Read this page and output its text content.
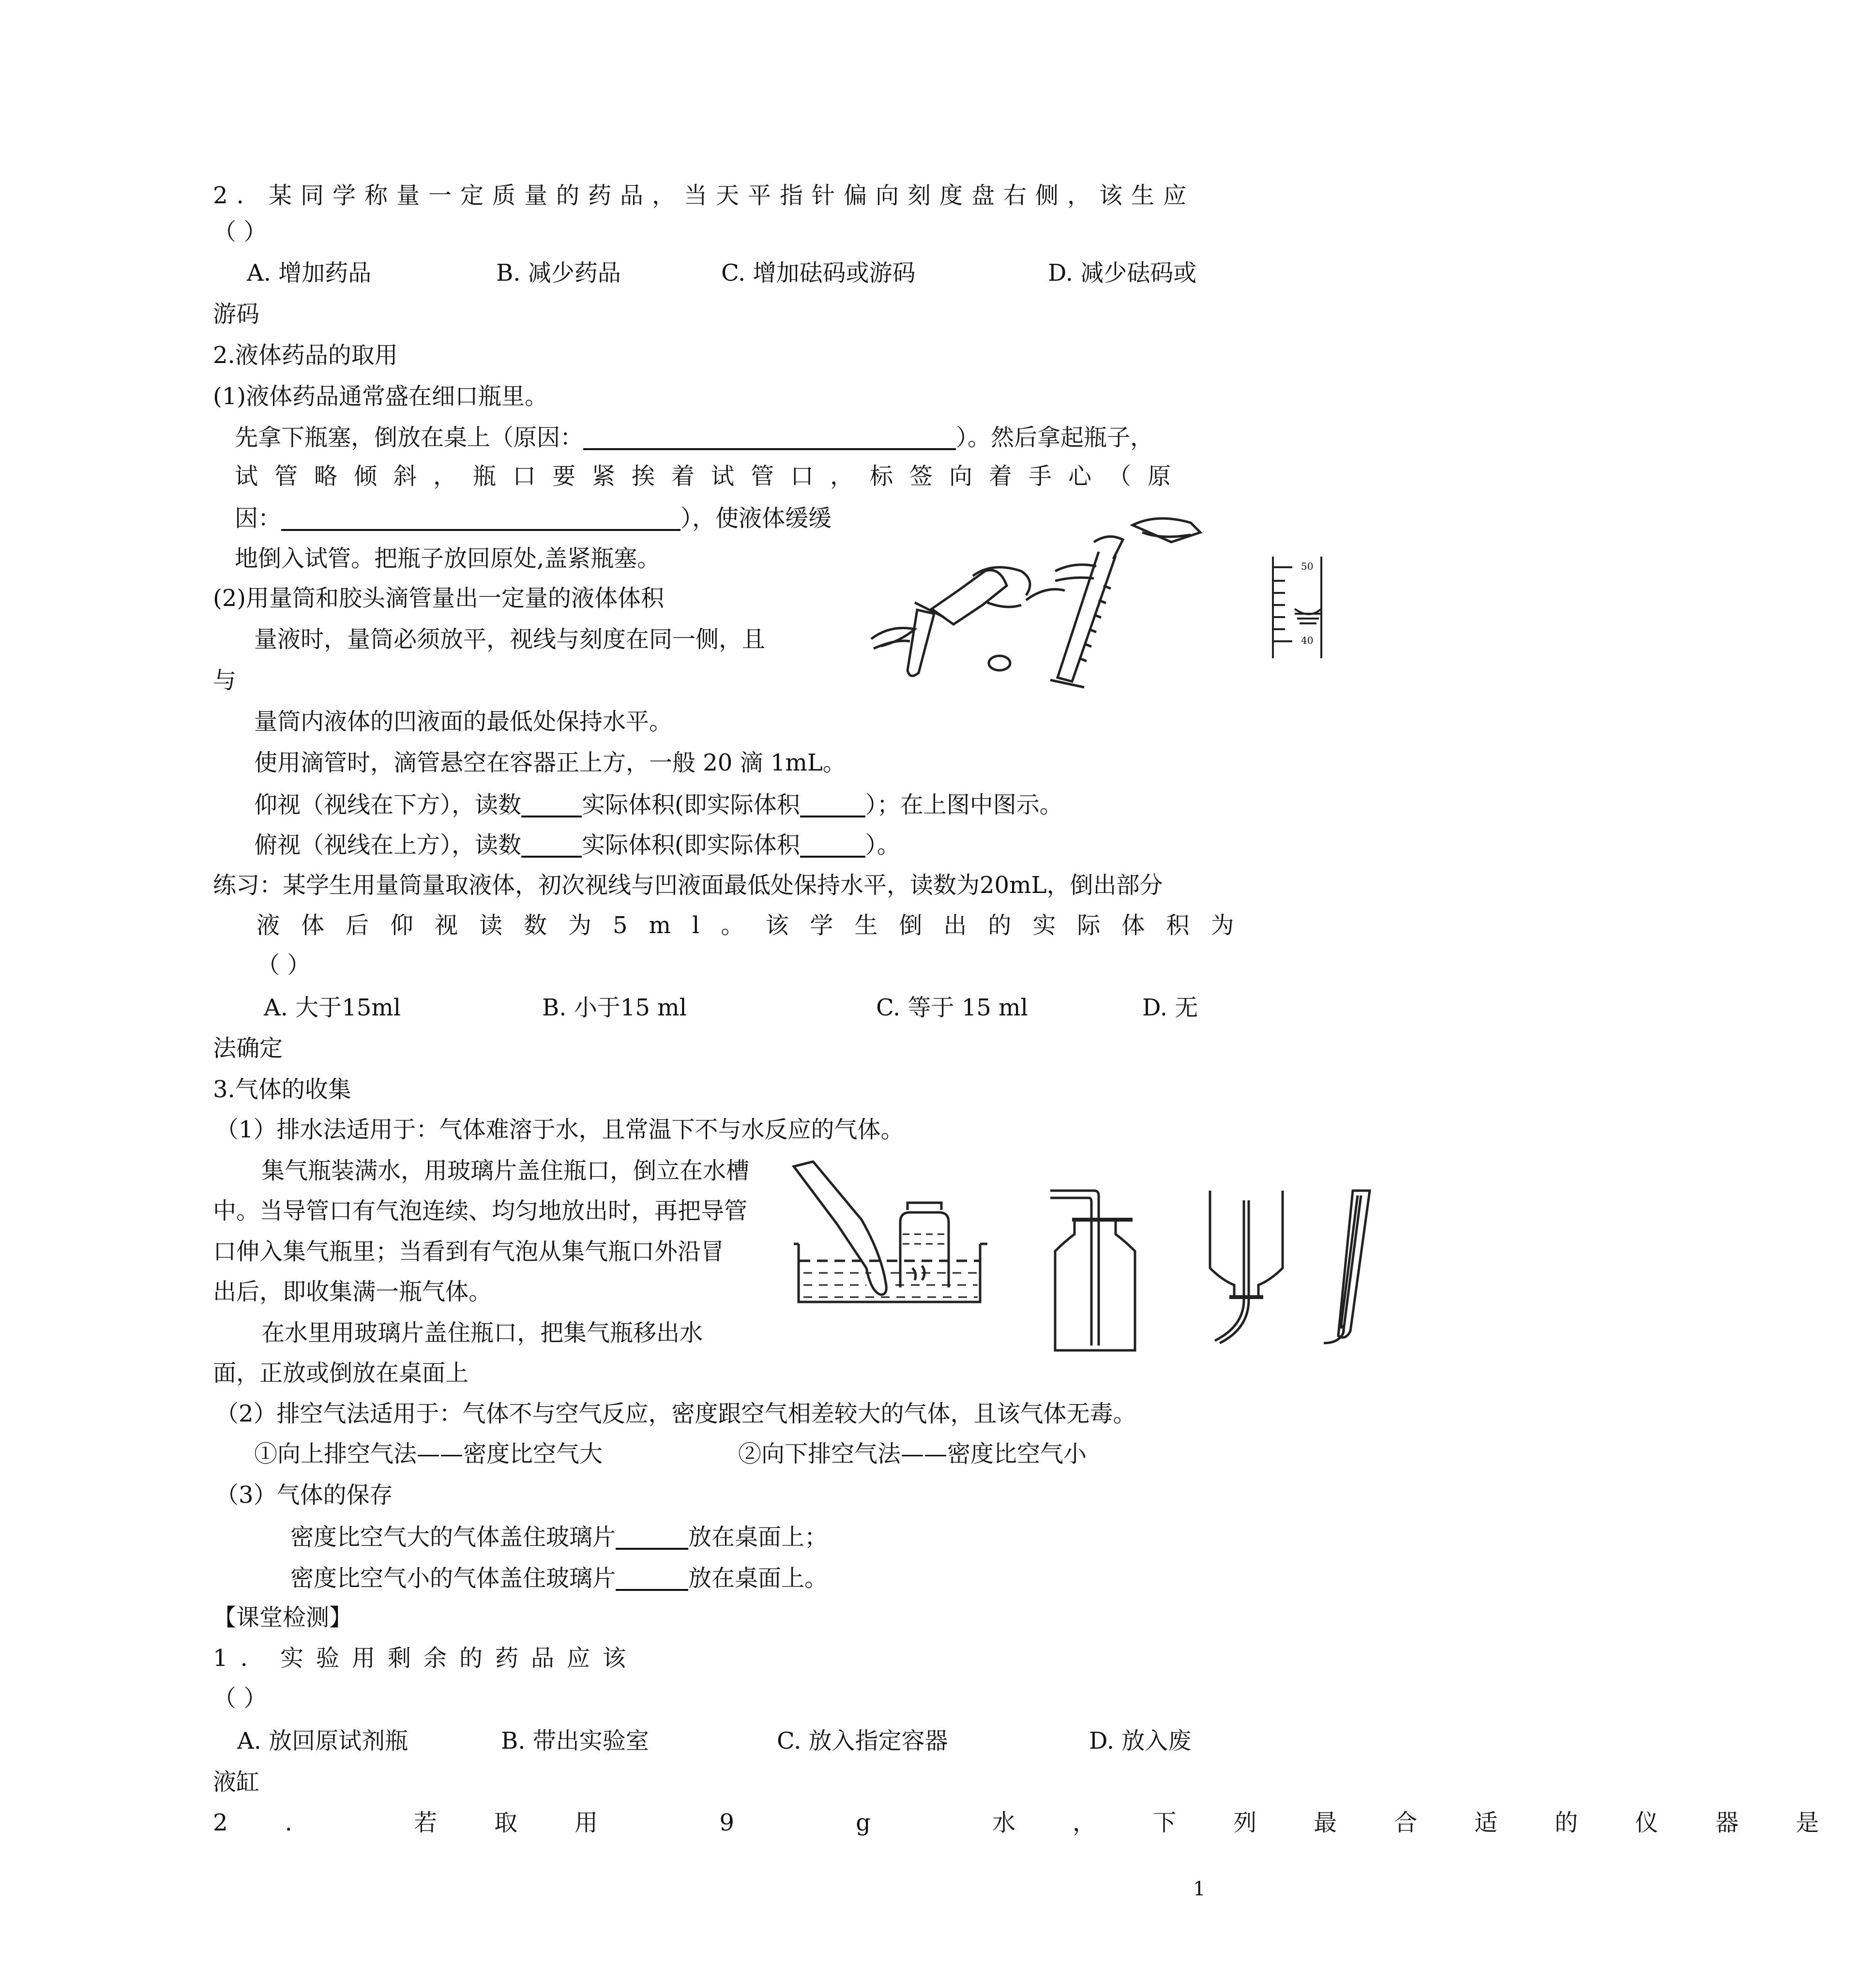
2. 某同学称量一定质量的药品，当天平指针偏向刻度盘右侧，该生应
（ ）
A. 增加药品	B. 减少药品	C. 增加砝码或游码	D. 减少砝码或
游码
2.液体药品的取用
(1)液体药品通常盛在细口瓶里。
先拿下瓶塞，倒放在桌上（原因：	）。然后拿起瓶子，
试管略倾斜，瓶口要紧挨着试管口，标签向着手心（原
因：	），使液体缓缓
地倒入试管。把瓶子放回原处,盖紧瓶塞。
(2)用量筒和胶头滴管量出一定量的液体体积
量液时，量筒必须放平，视线与刻度在同一侧，且
与
量筒内液体的凹液面的最低处保持水平。
使用滴管时，滴管悬空在容器正上方，一般 20 滴 1mL。
仰视（视线在下方），读数	实际体积(即实际体积	）；在上图中图示。
俯视（视线在上方），读数	实际体积(即实际体积	）。
50
40
练习：某学生用量筒量取液体，初次视线与凹液面最低处保持水平，读数为20mL，倒出部分
液体后仰视读数为5ml。该学生倒出的实际体积为
（ ）
A. 大于15ml	B. 小于15 ml	C. 等于 15 ml	D. 无
法确定
3.气体的收集
（1）排水法适用于：气体难溶于水，且常温下不与水反应的气体。
集气瓶装满水，用玻璃片盖住瓶口，倒立在水槽
中。当导管口有气泡连续、均匀地放出时，再把导管
口伸入集气瓶里；当看到有气泡从集气瓶口外沿冒
出后，即收集满一瓶气体。
在水里用玻璃片盖住瓶口，把集气瓶移出水
面，正放或倒放在桌面上
（2）排空气法适用于：气体不与空气反应，密度跟空气相差较大的气体，且该气体无毒。
①向上排空气法——密度比空气大	②向下排空气法——密度比空气小
（3）气体的保存
密度比空气大的气体盖住玻璃片	放在桌面上；
密度比空气小的气体盖住玻璃片	放在桌面上。
【课堂检测】
1. 实验用剩余的药品应该
（ ）
A. 放回原试剂瓶	B. 带出实验室	C. 放入指定容器	D. 放入废
液缸
2. 若取用 9 g 水，下列最合适的仪器是
1
